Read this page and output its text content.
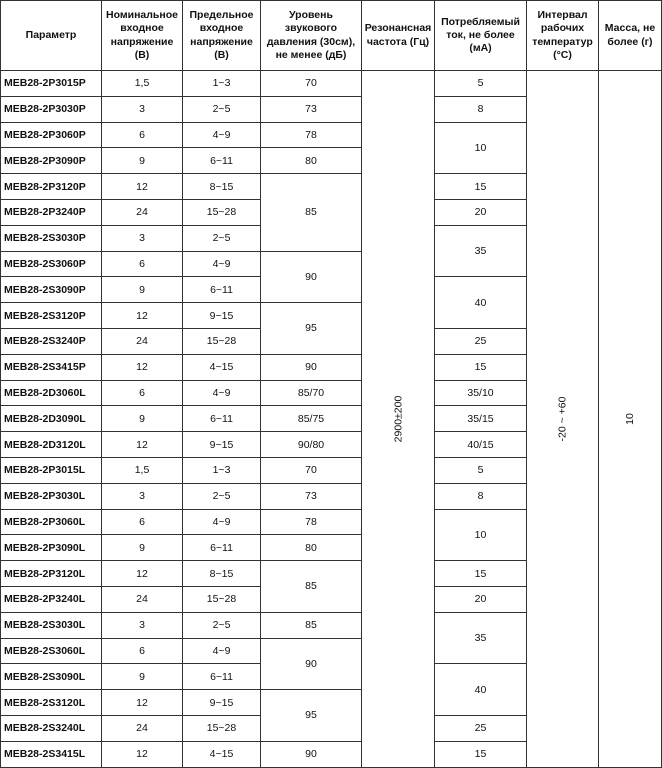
Параметр	Номинальное входное напряжение (В)	Предельное входное напряжение (В)	Уровень звукового давления (30см), не менее (дБ)	Резонансная частота (Гц)	Потребляемый ток, не более (мА)	Интервал рабочих температур (°C)	Масса, не более (г)
MEB28-2P3015P	1,5	1~3	70	2900±200	5	-20 ~ +60	10

MEB28-2P3030P	3	2~5	73		8		
MEB28-2P3060P	6	4~9	78		10		
MEB28-2P3090P	9	6~11	80				
MEB28-2P3120P	12	8~15	85		15		
MEB28-2P3240P	24	15~28			20		
MEB28-2S3030P	3	2~5			35		
MEB28-2S3060P	6	4~9	90				
MEB28-2S3090P	9	6~11			40		
MEB28-2S3120P	12	9~15	95				
MEB28-2S3240P	24	15~28			25		
MEB28-2S3415P	12	4~15	90		15		
MEB28-2D3060L	6	4~9	85/70		35/10		
MEB28-2D3090L	9	6~11	85/75		35/15		
MEB28-2D3120L	12	9~15	90/80		40/15		
MEB28-2P3015L	1,5	1~3	70		5		
MEB28-2P3030L	3	2~5	73		8		
MEB28-2P3060L	6	4~9	78		10		
MEB28-2P3090L	9	6~11	80				
MEB28-2P3120L	12	8~15	85		15		
MEB28-2P3240L	24	15~28			20		
MEB28-2S3030L	3	2~5	85		35		
MEB28-2S3060L	6	4~9	90				
MEB28-2S3090L	9	6~11			40		
MEB28-2S3120L	12	9~15	95				
MEB28-2S3240L	24	15~28			25		
MEB28-2S3415L	12	4~15	90		15		
